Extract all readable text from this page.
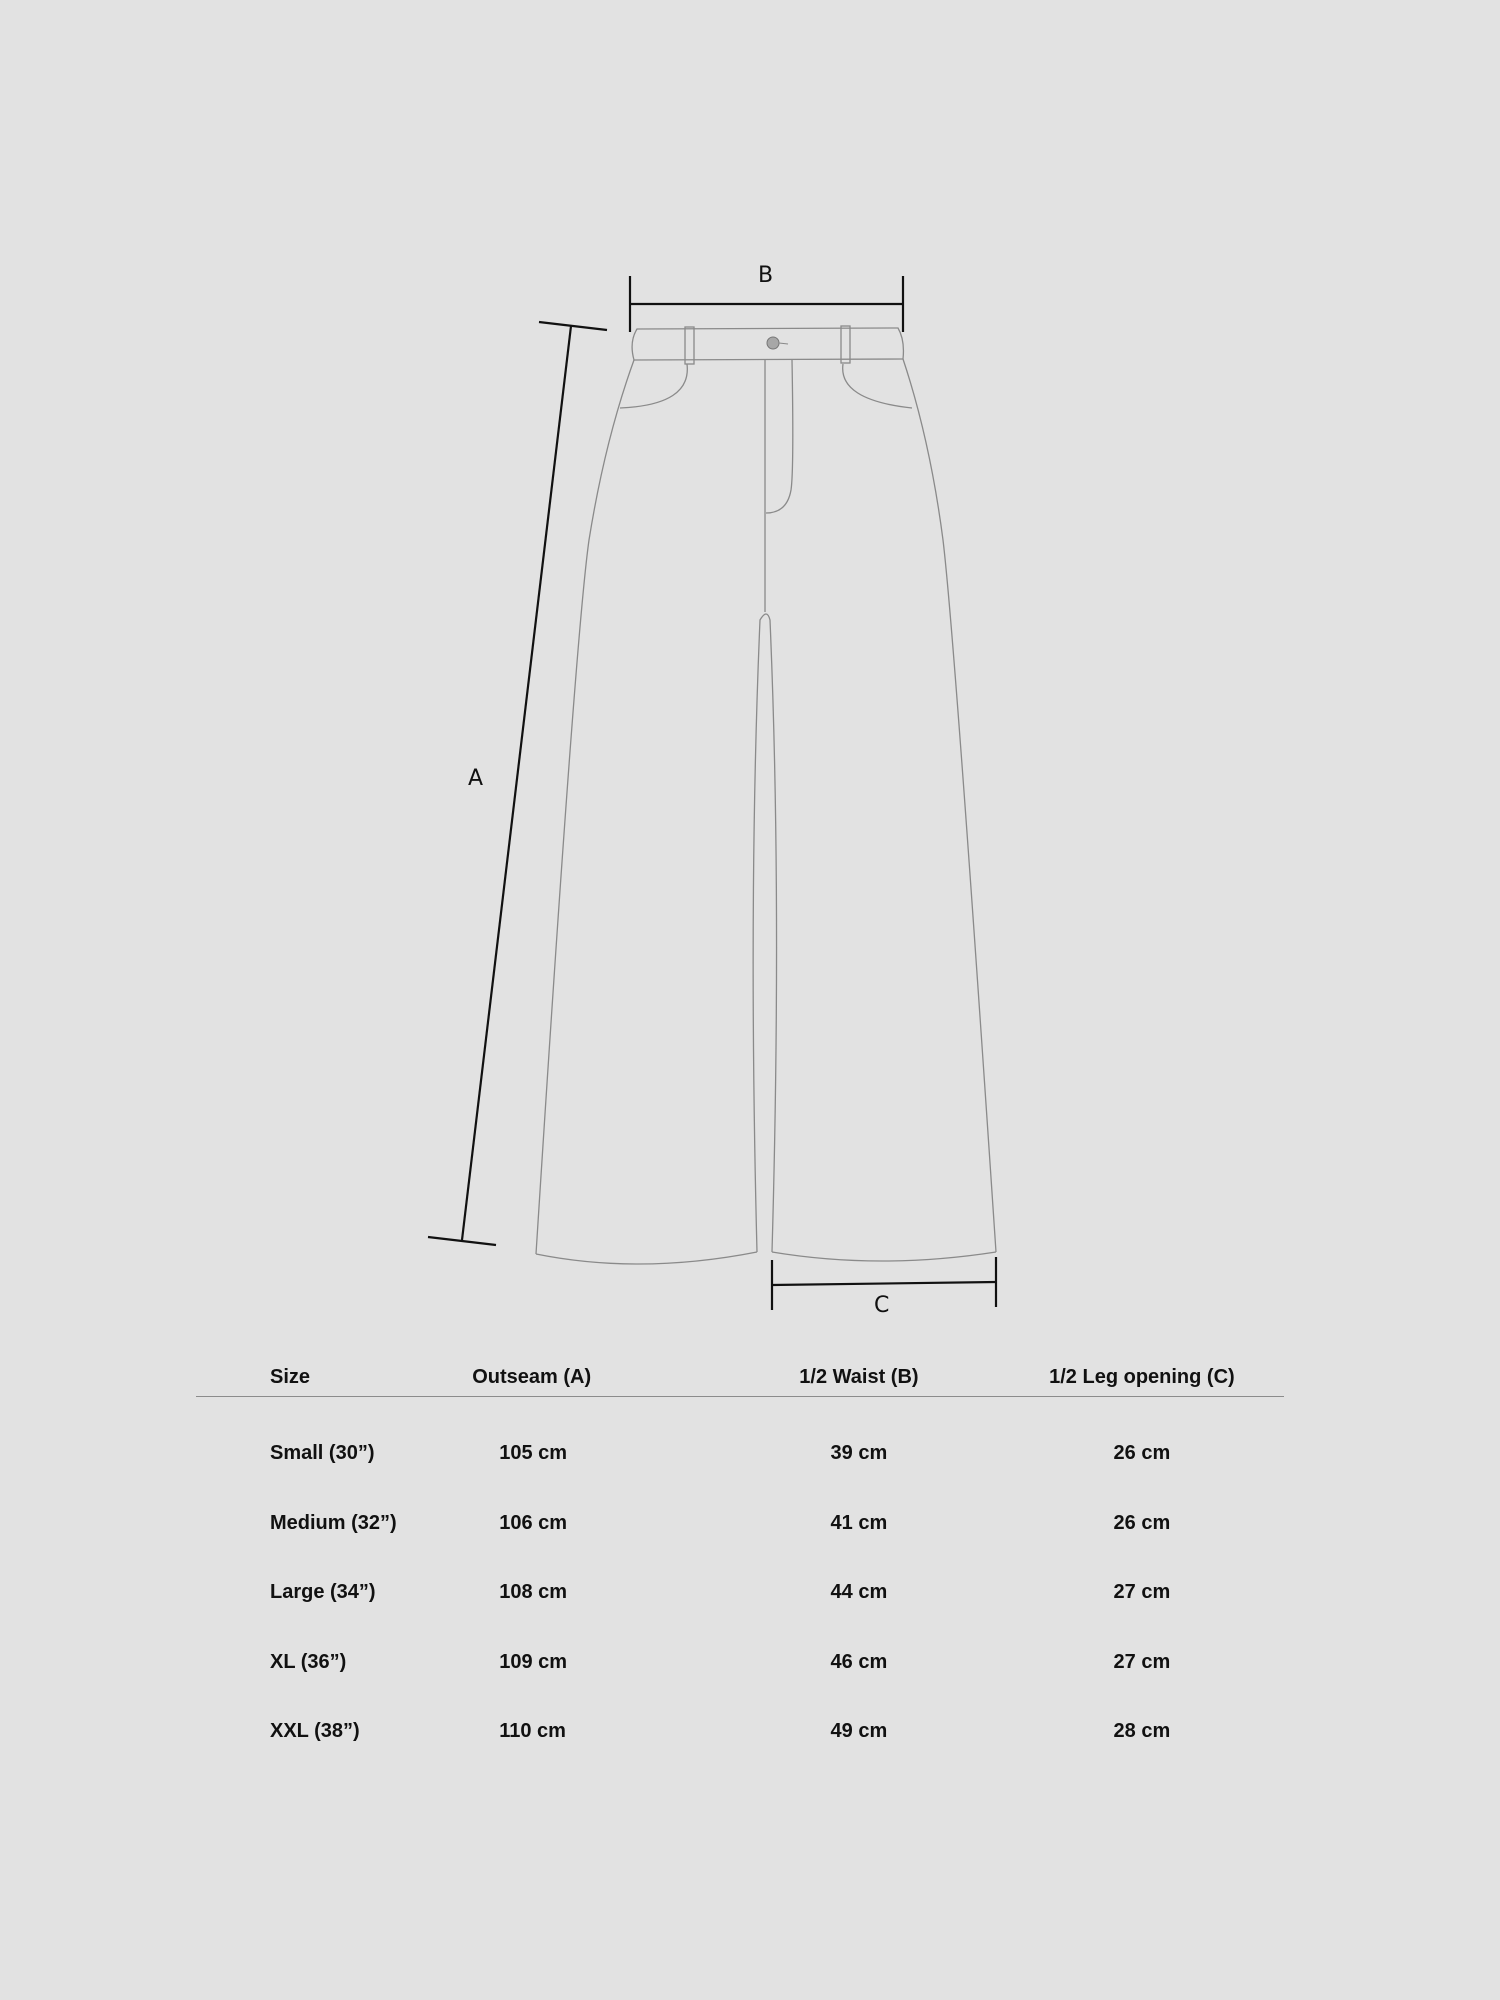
B
A
C
Size	Outseam (A)	1/2 Waist (B)	1/2 Leg opening (C)
Small (30”)	105 cm	39 cm	26 cm
Medium (32”)	106 cm	41 cm	26 cm
Large (34”)	108 cm	44 cm	27 cm
XL (36”)	109 cm	46 cm	27 cm
XXL (38”)	110 cm	49 cm	28 cm
